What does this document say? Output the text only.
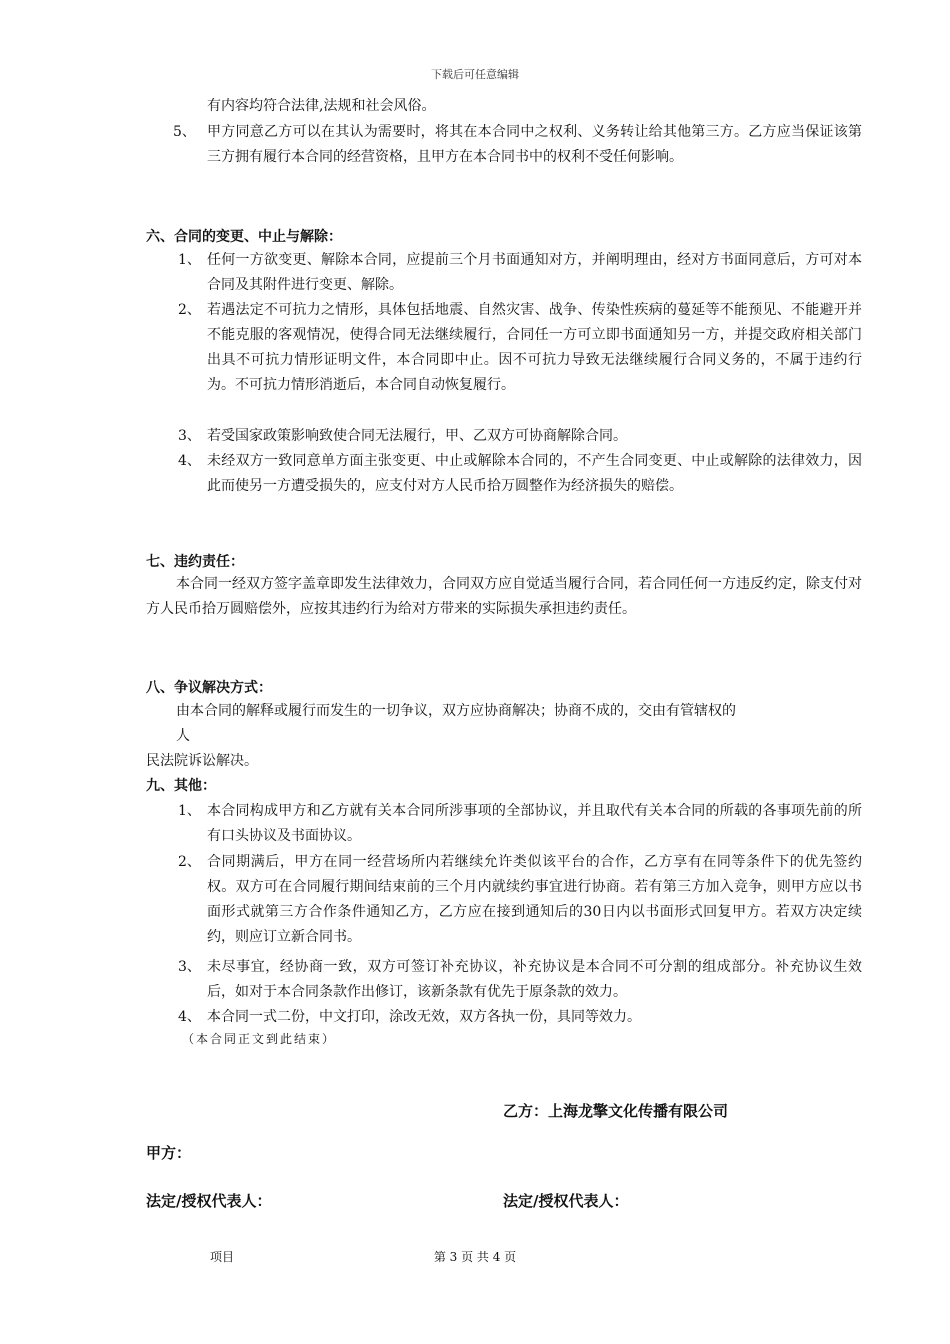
下载后可任意编辑
有内容均符合法律,法规和社会风俗。
5、 甲方同意乙方可以在其认为需要时，将其在本合同中之权利、义务转让给其他第三方。乙方应当保证该第三方拥有履行本合同的经营资格，且甲方在本合同书中的权利不受任何影响。
六、合同的变更、中止与解除：
1、 任何一方欲变更、解除本合同，应提前三个月书面通知对方，并阐明理由，经对方书面同意后，方可对本合同及其附件进行变更、解除。
2、 若遇法定不可抗力之情形，具体包括地震、自然灾害、战争、传染性疾病的蔓延等不能预见、不能避开并不能克服的客观情况，使得合同无法继续履行，合同任一方可立即书面通知另一方，并提交政府相关部门出具不可抗力情形证明文件，本合同即中止。因不可抗力导致无法继续履行合同义务的，不属于违约行为。不可抗力情形消逝后，本合同自动恢复履行。
3、 若受国家政策影响致使合同无法履行，甲、乙双方可协商解除合同。
4、 未经双方一致同意单方面主张变更、中止或解除本合同的，不产生合同变更、中止或解除的法律效力，因此而使另一方遭受损失的，应支付对方人民币拾万圆整作为经济损失的赔偿。
七、违约责任：
本合同一经双方签字盖章即发生法律效力，合同双方应自觉适当履行合同，若合同任何一方违反约定，除支付对方人民币拾万圆赔偿外，应按其违约行为给对方带来的实际损失承担违约责任。
八、争议解决方式：
由本合同的解释或履行而发生的一切争议，双方应协商解决；协商不成的，交由有管辖权的
人
民法院诉讼解决。
九、其他：
1、 本合同构成甲方和乙方就有关本合同所涉事项的全部协议，并且取代有关本合同的所载的各事项先前的所有口头协议及书面协议。
2、 合同期满后，甲方在同一经营场所内若继续允许类似该平台的合作，乙方享有在同等条件下的优先签约权。双方可在合同履行期间结束前的三个月内就续约事宜进行协商。若有第三方加入竞争，则甲方应以书面形式就第三方合作条件通知乙方，乙方应在接到通知后的30日内以书面形式回复甲方。若双方决定续约，则应订立新合同书。
3、 未尽事宜，经协商一致，双方可签订补充协议，补充协议是本合同不可分割的组成部分。补充协议生效后，如对于本合同条款作出修订，该新条款有优先于原条款的效力。
4、 本合同一式二份，中文打印，涂改无效，双方各执一份，具同等效力。
（本合同正文到此结束）
乙方：上海龙擎文化传播有限公司
甲方：
法定/授权代表人：	法定/授权代表人：
项目	第 3 页 共 4 页
